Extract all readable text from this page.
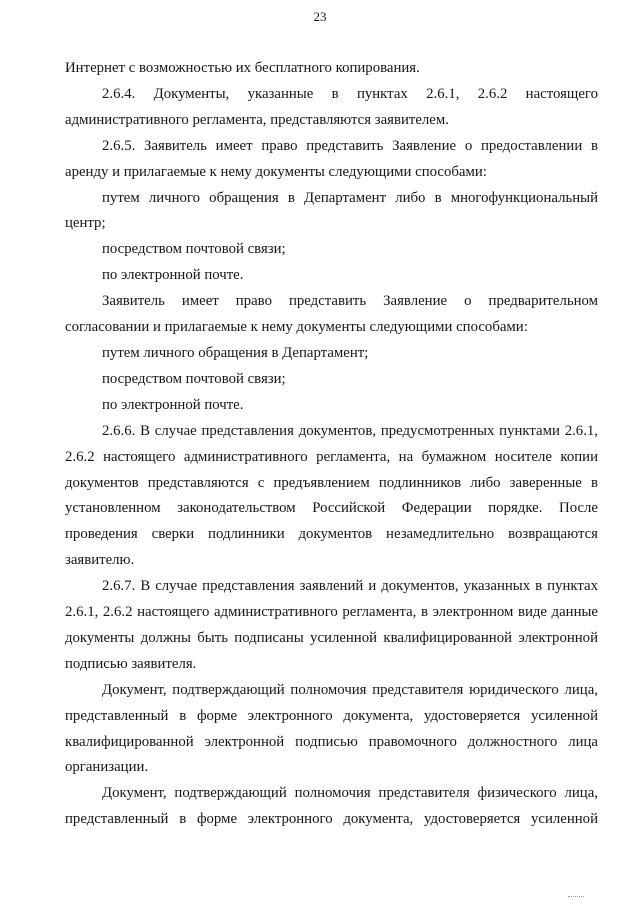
23

Интернет с возможностью их бесплатного копирования.

2.6.4. Документы, указанные в пунктах 2.6.1, 2.6.2 настоящего административного регламента, представляются заявителем.

2.6.5. Заявитель имеет право представить Заявление о предоставлении в аренду и прилагаемые к нему документы следующими способами:

путем личного обращения в Департамент либо в многофункциональный центр;

посредством почтовой связи;

по электронной почте.

Заявитель имеет право представить Заявление о предварительном согласовании и прилагаемые к нему документы следующими способами:

путем личного обращения в Департамент;

посредством почтовой связи;

по электронной почте.

2.6.6. В случае представления документов, предусмотренных пунктами 2.6.1, 2.6.2 настоящего административного регламента, на бумажном носителе копии документов представляются с предъявлением подлинников либо заверенные в установленном законодательством Российской Федерации порядке. После проведения сверки подлинники документов незамедлительно возвращаются заявителю.

2.6.7. В случае представления заявлений и документов, указанных в пунктах 2.6.1, 2.6.2 настоящего административного регламента, в электронном виде данные документы должны быть подписаны усиленной квалифицированной электронной подписью заявителя.

Документ, подтверждающий полномочия представителя юридического лица, представленный в форме электронного документа, удостоверяется усиленной квалифицированной электронной подписью правомочного должностного лица организации.

Документ, подтверждающий полномочия представителя физического лица, представленный в форме электронного документа, удостоверяется усиленной
